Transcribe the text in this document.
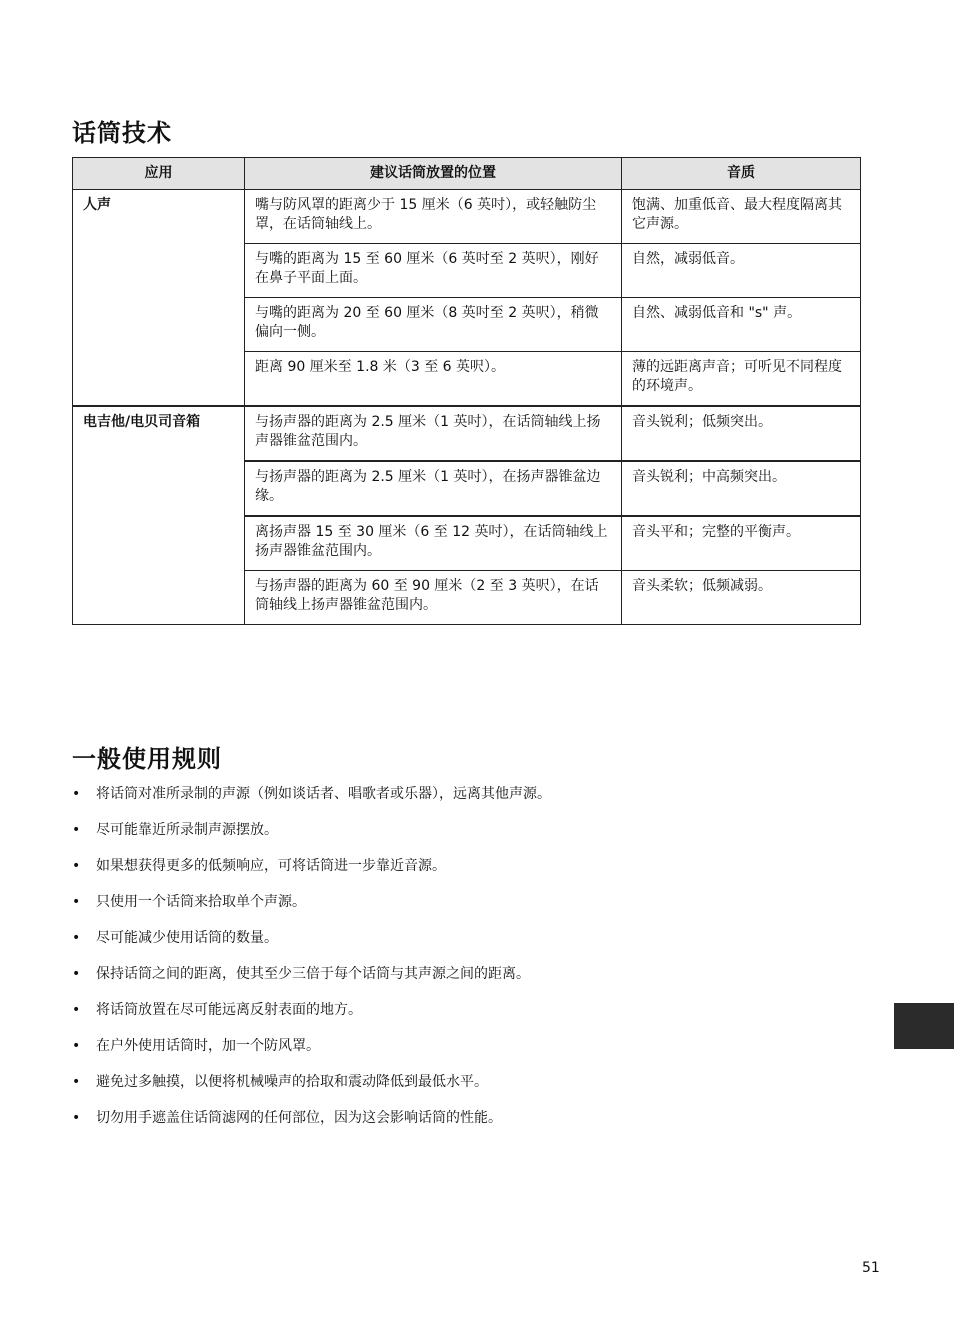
话筒技术
应用	建议话筒放置的位置	音质
人声	嘴与防风罩的距离少于 15 厘米（6 英吋），或轻触防尘罩，在话筒轴线上。	饱满、加重低音、最大程度隔离其它声源。
	与嘴的距离为 15 至 60 厘米（6 英吋至 2 英呎），刚好在鼻子平面上面。	自然，减弱低音。
	与嘴的距离为 20 至 60 厘米（8 英吋至 2 英呎），稍微偏向一侧。	自然、减弱低音和 "s" 声。
	距离 90 厘米至 1.8 米（3 至 6 英呎）。	薄的远距离声音；可听见不同程度的环境声。
电吉他/电贝司音箱	与扬声器的距离为 2.5 厘米（1 英吋），在话筒轴线上扬声器锥盆范围内。	音头锐利；低频突出。
	与扬声器的距离为 2.5 厘米（1 英吋），在扬声器锥盆边缘。	音头锐利；中高频突出。
	离扬声器 15 至 30 厘米（6 至 12 英吋），在话筒轴线上扬声器锥盆范围内。	音头平和；完整的平衡声。
	与扬声器的距离为 60 至 90 厘米（2 至 3 英呎），在话筒轴线上扬声器锥盆范围内。	音头柔软；低频减弱。
一般使用规则
• 将话筒对准所录制的声源（例如谈话者、唱歌者或乐器），远离其他声源。
• 尽可能靠近所录制声源摆放。
• 如果想获得更多的低频响应，可将话筒进一步靠近音源。
• 只使用一个话筒来拾取单个声源。
• 尽可能减少使用话筒的数量。
• 保持话筒之间的距离，使其至少三倍于每个话筒与其声源之间的距离。
• 将话筒放置在尽可能远离反射表面的地方。
• 在户外使用话筒时，加一个防风罩。
• 避免过多触摸，以便将机械噪声的拾取和震动降低到最低水平。
• 切勿用手遮盖住话筒滤网的任何部位，因为这会影响话筒的性能。
51
